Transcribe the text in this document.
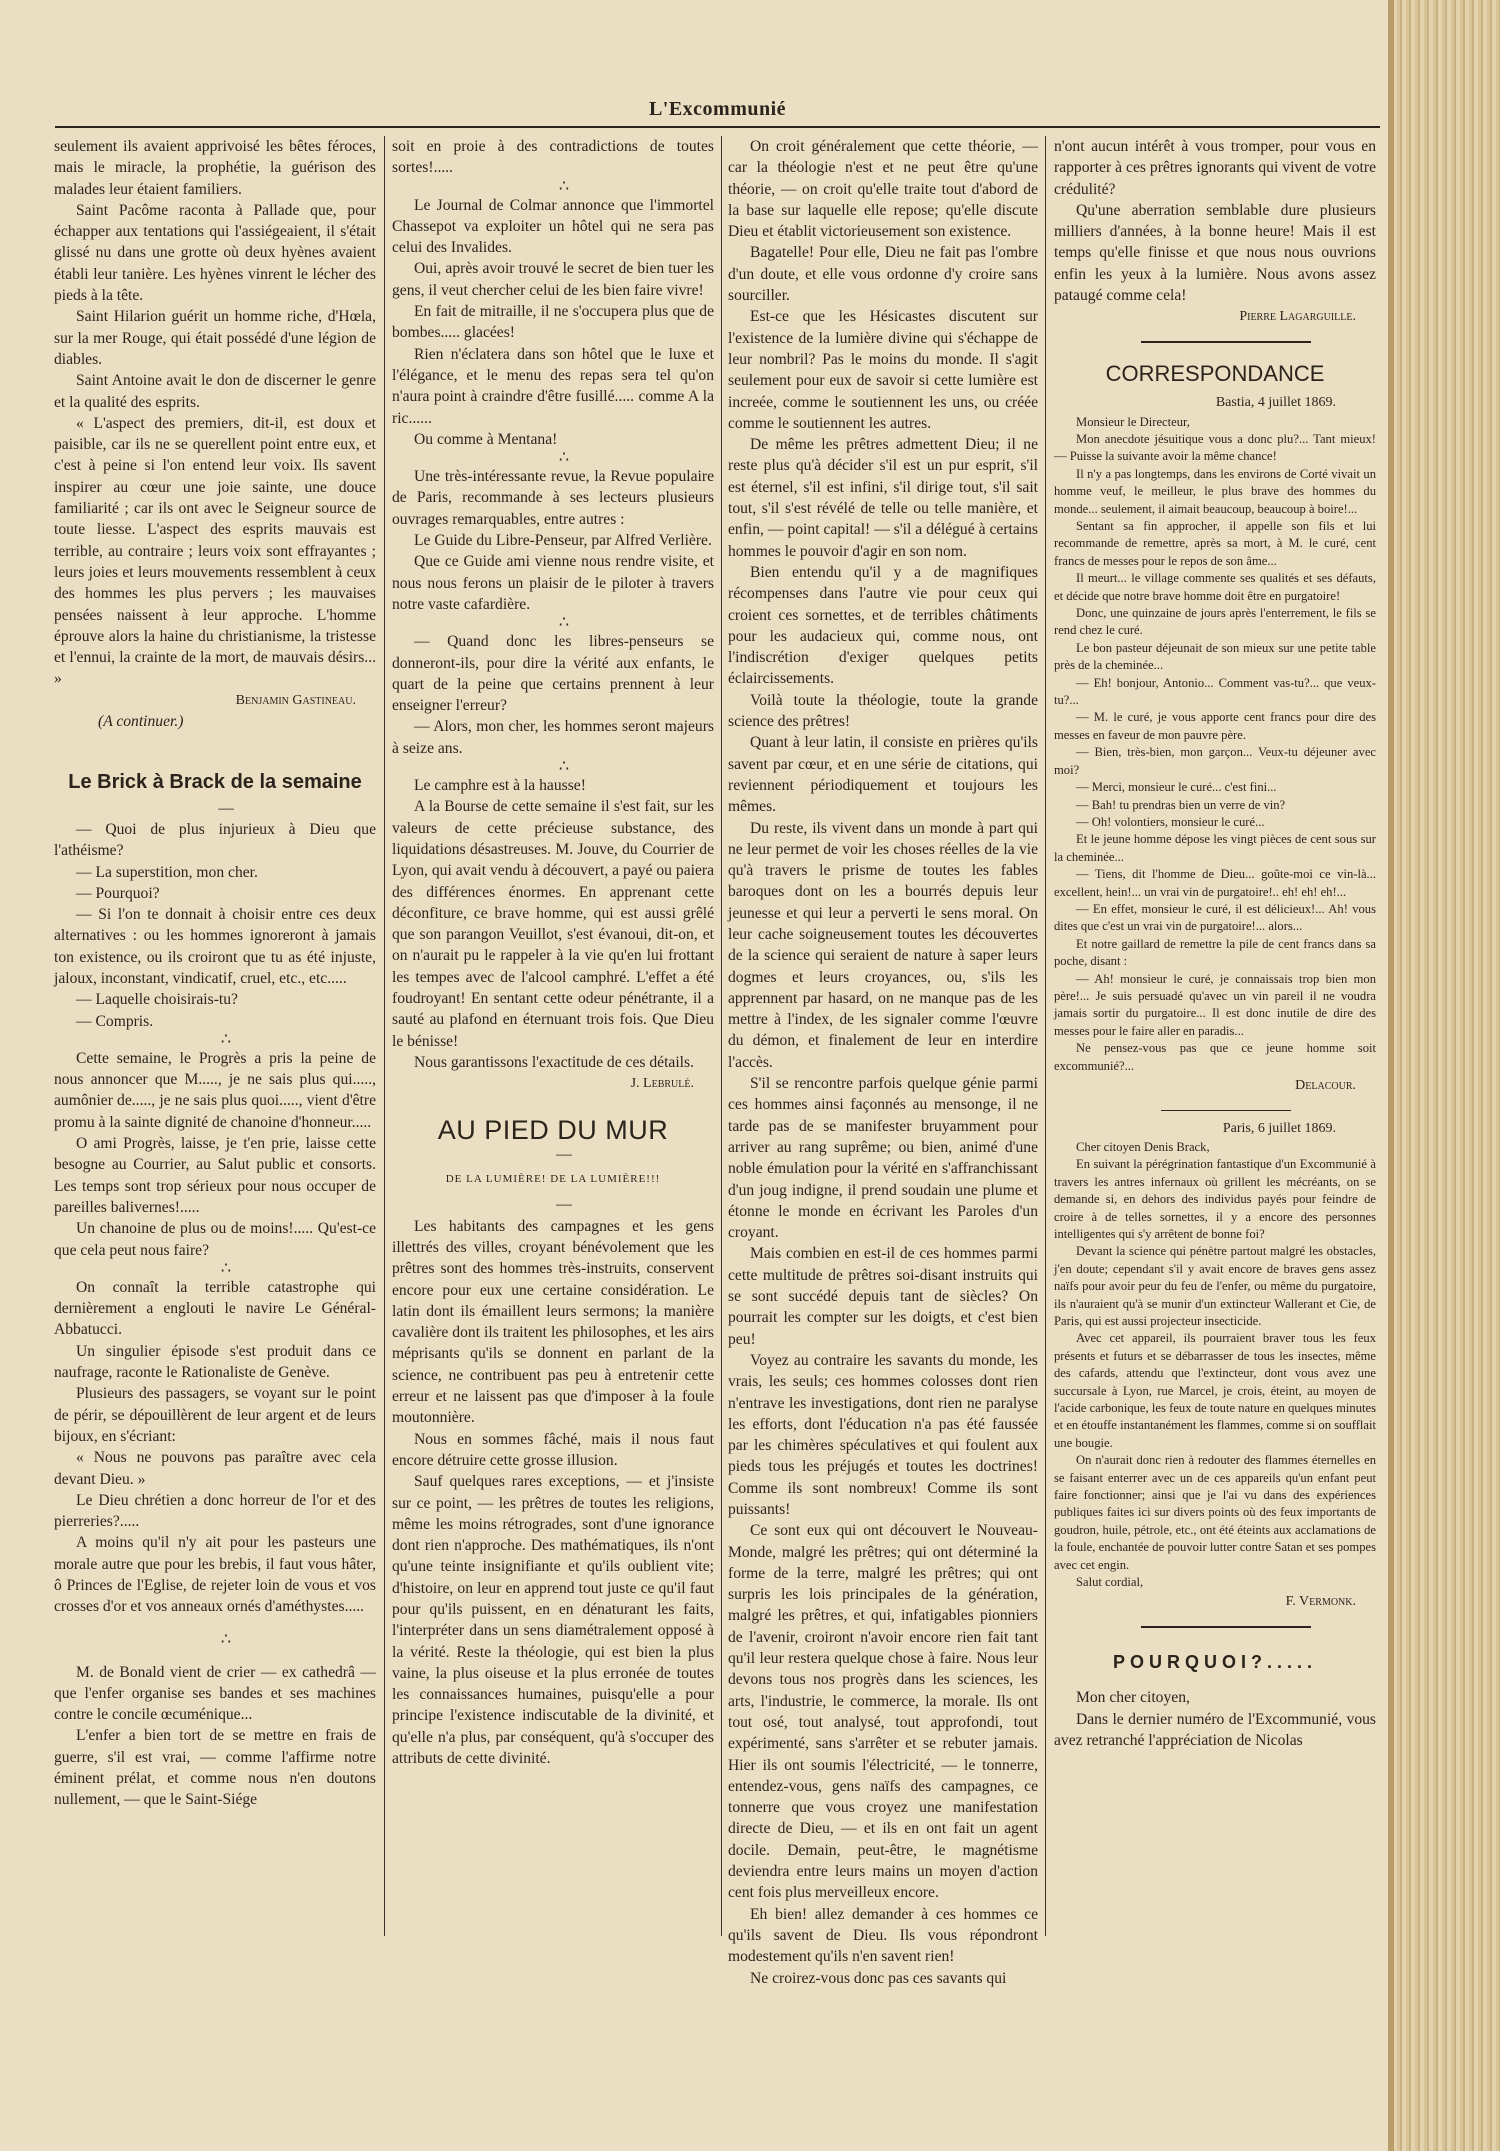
L'Excommunié

seulement ils avaient apprivoisé les bêtes féroces, mais le miracle, la prophétie, la guérison des malades leur étaient familiers.

Saint Pacôme raconta à Pallade que, pour échapper aux tentations qui l'assiégeaient, il s'était glissé nu dans une grotte où deux hyènes avaient établi leur tanière. Les hyènes vinrent le lécher des pieds à la tête.

Saint Hilarion guérit un homme riche, d'Hœla, sur la mer Rouge, qui était possédé d'une légion de diables.

Saint Antoine avait le don de discerner le genre et la qualité des esprits.

« L'aspect des premiers, dit-il, est doux et paisible, car ils ne se querellent point entre eux, et c'est à peine si l'on entend leur voix. Ils savent inspirer au cœur une joie sainte, une douce familiarité ; car ils ont avec le Seigneur source de toute liesse. L'aspect des esprits mauvais est terrible, au contraire ; leurs voix sont effrayantes ; leurs joies et leurs mouvements ressemblent à ceux des hommes les plus pervers ; les mauvaises pensées naissent à leur approche. L'homme éprouve alors la haine du christianisme, la tristesse et l'ennui, la crainte de la mort, de mauvais désirs... »

Benjamin Gastineau.

(A continuer.)

Le Brick à Brack de la semaine

—

— Quoi de plus injurieux à Dieu que l'athéisme?

— La superstition, mon cher.

— Pourquoi?

— Si l'on te donnait à choisir entre ces deux alternatives : ou les hommes ignoreront à jamais ton existence, ou ils croiront que tu as été injuste, jaloux, inconstant, vindicatif, cruel, etc., etc.....

— Laquelle choisirais-tu?

— Compris.

∴

Cette semaine, le Progrès a pris la peine de nous annoncer que M....., je ne sais plus qui....., aumônier de....., je ne sais plus quoi....., vient d'être promu à la sainte dignité de chanoine d'honneur.....

O ami Progrès, laisse, je t'en prie, laisse cette besogne au Courrier, au Salut public et consorts. Les temps sont trop sérieux pour nous occuper de pareilles balivernes!.....

Un chanoine de plus ou de moins!..... Qu'est-ce que cela peut nous faire?

∴

On connaît la terrible catastrophe qui dernièrement a englouti le navire Le Général-Abbatucci.

Un singulier épisode s'est produit dans ce naufrage, raconte le Rationaliste de Genève.

Plusieurs des passagers, se voyant sur le point de périr, se dépouillèrent de leur argent et de leurs bijoux, en s'écriant:

« Nous ne pouvons pas paraître avec cela devant Dieu. »

Le Dieu chrétien a donc horreur de l'or et des pierreries?.....

A moins qu'il n'y ait pour les pasteurs une morale autre que pour les brebis, il faut vous hâter, ô Princes de l'Eglise, de rejeter loin de vous et vos crosses d'or et vos anneaux ornés d'améthystes.....

∴

M. de Bonald vient de crier — ex cathedrâ — que l'enfer organise ses bandes et ses machines contre le concile œcuménique...

L'enfer a bien tort de se mettre en frais de guerre, s'il est vrai, — comme l'affirme notre éminent prélat, et comme nous n'en doutons nullement, — que le Saint-Siége

soit en proie à des contradictions de toutes sortes!.....

∴

Le Journal de Colmar annonce que l'immortel Chassepot va exploiter un hôtel qui ne sera pas celui des Invalides.

Oui, après avoir trouvé le secret de bien tuer les gens, il veut chercher celui de les bien faire vivre!

En fait de mitraille, il ne s'occupera plus que de bombes..... glacées!

Rien n'éclatera dans son hôtel que le luxe et l'élégance, et le menu des repas sera tel qu'on n'aura point à craindre d'être fusillé..... comme A la ric......

Ou comme à Mentana!

∴

Une très-intéressante revue, la Revue populaire de Paris, recommande à ses lecteurs plusieurs ouvrages remarquables, entre autres :

Le Guide du Libre-Penseur, par Alfred Verlière.

Que ce Guide ami vienne nous rendre visite, et nous nous ferons un plaisir de le piloter à travers notre vaste cafardière.

∴

— Quand donc les libres-penseurs se donneront-ils, pour dire la vérité aux enfants, le quart de la peine que certains prennent à leur enseigner l'erreur?

— Alors, mon cher, les hommes seront majeurs à seize ans.

∴

Le camphre est à la hausse!

A la Bourse de cette semaine il s'est fait, sur les valeurs de cette précieuse substance, des liquidations désastreuses. M. Jouve, du Courrier de Lyon, qui avait vendu à découvert, a payé ou paiera des différences énormes. En apprenant cette déconfiture, ce brave homme, qui est aussi grêlé que son parangon Veuillot, s'est évanoui, dit-on, et on n'aurait pu le rappeler à la vie qu'en lui frottant les tempes avec de l'alcool camphré. L'effet a été foudroyant! En sentant cette odeur pénétrante, il a sauté au plafond en éternuant trois fois. Que Dieu le bénisse!

Nous garantissons l'exactitude de ces détails.

J. Lebrulé.

AU PIED DU MUR

—

DE LA LUMIÈRE! DE LA LUMIÈRE!!!

—

Les habitants des campagnes et les gens illettrés des villes, croyant bénévolement que les prêtres sont des hommes très-instruits, conservent encore pour eux une certaine considération. Le latin dont ils émaillent leurs sermons; la manière cavalière dont ils traitent les philosophes, et les airs méprisants qu'ils se donnent en parlant de la science, ne contribuent pas peu à entretenir cette erreur et ne laissent pas que d'imposer à la foule moutonnière.

Nous en sommes fâché, mais il nous faut encore détruire cette grosse illusion.

Sauf quelques rares exceptions, — et j'insiste sur ce point, — les prêtres de toutes les religions, même les moins rétrogrades, sont d'une ignorance dont rien n'approche. Des mathématiques, ils n'ont qu'une teinte insignifiante et qu'ils oublient vite; d'histoire, on leur en apprend tout juste ce qu'il faut pour qu'ils puissent, en en dénaturant les faits, l'interpréter dans un sens diamétralement opposé à la vérité. Reste la théologie, qui est bien la plus vaine, la plus oiseuse et la plus erronée de toutes les connaissances humaines, puisqu'elle a pour principe l'existence indiscutable de la divinité, et qu'elle n'a plus, par conséquent, qu'à s'occuper des attributs de cette divinité.

On croit généralement que cette théorie, — car la théologie n'est et ne peut être qu'une théorie, — on croit qu'elle traite tout d'abord de la base sur laquelle elle repose; qu'elle discute Dieu et établit victorieusement son existence.

Bagatelle! Pour elle, Dieu ne fait pas l'ombre d'un doute, et elle vous ordonne d'y croire sans sourciller.

Est-ce que les Hésicastes discutent sur l'existence de la lumière divine qui s'échappe de leur nombril? Pas le moins du monde. Il s'agit seulement pour eux de savoir si cette lumière est increée, comme le soutiennent les uns, ou créée comme le soutiennent les autres.

De même les prêtres admettent Dieu; il ne reste plus qu'à décider s'il est un pur esprit, s'il est éternel, s'il est infini, s'il dirige tout, s'il sait tout, s'il s'est révélé de telle ou telle manière, et enfin, — point capital! — s'il a délégué à certains hommes le pouvoir d'agir en son nom.

Bien entendu qu'il y a de magnifiques récompenses dans l'autre vie pour ceux qui croient ces sornettes, et de terribles châtiments pour les audacieux qui, comme nous, ont l'indiscrétion d'exiger quelques petits éclaircissements.

Voilà toute la théologie, toute la grande science des prêtres!

Quant à leur latin, il consiste en prières qu'ils savent par cœur, et en une série de citations, qui reviennent périodiquement et toujours les mêmes.

Du reste, ils vivent dans un monde à part qui ne leur permet de voir les choses réelles de la vie qu'à travers le prisme de toutes les fables baroques dont on les a bourrés depuis leur jeunesse et qui leur a perverti le sens moral. On leur cache soigneusement toutes les découvertes de la science qui seraient de nature à saper leurs dogmes et leurs croyances, ou, s'ils les apprennent par hasard, on ne manque pas de les mettre à l'index, de les signaler comme l'œuvre du démon, et finalement de leur en interdire l'accès.

S'il se rencontre parfois quelque génie parmi ces hommes ainsi façonnés au mensonge, il ne tarde pas de se manifester bruyamment pour arriver au rang suprême; ou bien, animé d'une noble émulation pour la vérité en s'affranchissant d'un joug indigne, il prend soudain une plume et étonne le monde en écrivant les Paroles d'un croyant.

Mais combien en est-il de ces hommes parmi cette multitude de prêtres soi-disant instruits qui se sont succédé depuis tant de siècles? On pourrait les compter sur les doigts, et c'est bien peu!

Voyez au contraire les savants du monde, les vrais, les seuls; ces hommes colosses dont rien n'entrave les investigations, dont rien ne paralyse les efforts, dont l'éducation n'a pas été faussée par les chimères spéculatives et qui foulent aux pieds tous les préjugés et toutes les doctrines! Comme ils sont nombreux! Comme ils sont puissants!

Ce sont eux qui ont découvert le Nouveau-Monde, malgré les prêtres; qui ont déterminé la forme de la terre, malgré les prêtres; qui ont surpris les lois principales de la génération, malgré les prêtres, et qui, infatigables pionniers de l'avenir, croiront n'avoir encore rien fait tant qu'il leur restera quelque chose à faire. Nous leur devons tous nos progrès dans les sciences, les arts, l'industrie, le commerce, la morale. Ils ont tout osé, tout analysé, tout approfondi, tout expérimenté, sans s'arrêter et se rebuter jamais. Hier ils ont soumis l'électricité, — le tonnerre, entendez-vous, gens naïfs des campagnes, ce tonnerre que vous croyez une manifestation directe de Dieu, — et ils en ont fait un agent docile. Demain, peut-être, le magnétisme deviendra entre leurs mains un moyen d'action cent fois plus merveilleux encore.

Eh bien! allez demander à ces hommes ce qu'ils savent de Dieu. Ils vous répondront modestement qu'ils n'en savent rien!

Ne croirez-vous donc pas ces savants qui

n'ont aucun intérêt à vous tromper, pour vous en rapporter à ces prêtres ignorants qui vivent de votre crédulité?

Qu'une aberration semblable dure plusieurs milliers d'années, à la bonne heure! Mais il est temps qu'elle finisse et que nous nous ouvrions enfin les yeux à la lumière. Nous avons assez pataugé comme cela!

Pierre Lagarguille.

CORRESPONDANCE

Bastia, 4 juillet 1869.

Monsieur le Directeur,

Mon anecdote jésuitique vous a donc plu?... Tant mieux! — Puisse la suivante avoir la même chance!

Il n'y a pas longtemps, dans les environs de Corté vivait un homme veuf, le meilleur, le plus brave des hommes du monde... seulement, il aimait beaucoup, beaucoup à boire!...

Sentant sa fin approcher, il appelle son fils et lui recommande de remettre, après sa mort, à M. le curé, cent francs de messes pour le repos de son âme...

Il meurt... le village commente ses qualités et ses défauts, et décide que notre brave homme doit être en purgatoire!

Donc, une quinzaine de jours après l'enterrement, le fils se rend chez le curé.

Le bon pasteur déjeunait de son mieux sur une petite table près de la cheminée...

— Eh! bonjour, Antonio... Comment vas-tu?... que veux-tu?...

— M. le curé, je vous apporte cent francs pour dire des messes en faveur de mon pauvre père.

— Bien, très-bien, mon garçon... Veux-tu déjeuner avec moi?

— Merci, monsieur le curé... c'est fini...

— Bah! tu prendras bien un verre de vin?

— Oh! volontiers, monsieur le curé...

Et le jeune homme dépose les vingt pièces de cent sous sur la cheminée...

— Tiens, dit l'homme de Dieu... goûte-moi ce vin-là... excellent, hein!... un vrai vin de purgatoire!.. eh! eh! eh!...

— En effet, monsieur le curé, il est délicieux!... Ah! vous dites que c'est un vrai vin de purgatoire!... alors...

Et notre gaillard de remettre la pile de cent francs dans sa poche, disant :

— Ah! monsieur le curé, je connaissais trop bien mon père!... Je suis persuadé qu'avec un vin pareil il ne voudra jamais sortir du purgatoire... Il est donc inutile de dire des messes pour le faire aller en paradis...

Ne pensez-vous pas que ce jeune homme soit excommunié?...

Delacour.

Paris, 6 juillet 1869.

Cher citoyen Denis Brack,

En suivant la pérégrination fantastique d'un Excommunié à travers les antres infernaux où grillent les mécréants, on se demande si, en dehors des individus payés pour feindre de croire à de telles sornettes, il y a encore des personnes intelligentes qui s'y arrêtent de bonne foi?

Devant la science qui pénètre partout malgré les obstacles, j'en doute; cependant s'il y avait encore de braves gens assez naïfs pour avoir peur du feu de l'enfer, ou même du purgatoire, ils n'auraient qu'à se munir d'un extincteur Wallerant et Cie, de Paris, qui est aussi projecteur insecticide.

Avec cet appareil, ils pourraient braver tous les feux présents et futurs et se débarrasser de tous les insectes, même des cafards, attendu que l'extincteur, dont vous avez une succursale à Lyon, rue Marcel, je crois, éteint, au moyen de l'acide carbonique, les feux de toute nature en quelques minutes et en étouffe instantanément les flammes, comme si on soufflait une bougie.

On n'aurait donc rien à redouter des flammes éternelles en se faisant enterrer avec un de ces appareils qu'un enfant peut faire fonctionner; ainsi que je l'ai vu dans des expériences publiques faites ici sur divers points où des feux importants de goudron, huile, pétrole, etc., ont été éteints aux acclamations de la foule, enchantée de pouvoir lutter contre Satan et ses pompes avec cet engin.

Salut cordial,

F. Vermonk.

POURQUOI?.....

Mon cher citoyen,

Dans le dernier numéro de l'Excommunié, vous avez retranché l'appréciation de Nicolas
